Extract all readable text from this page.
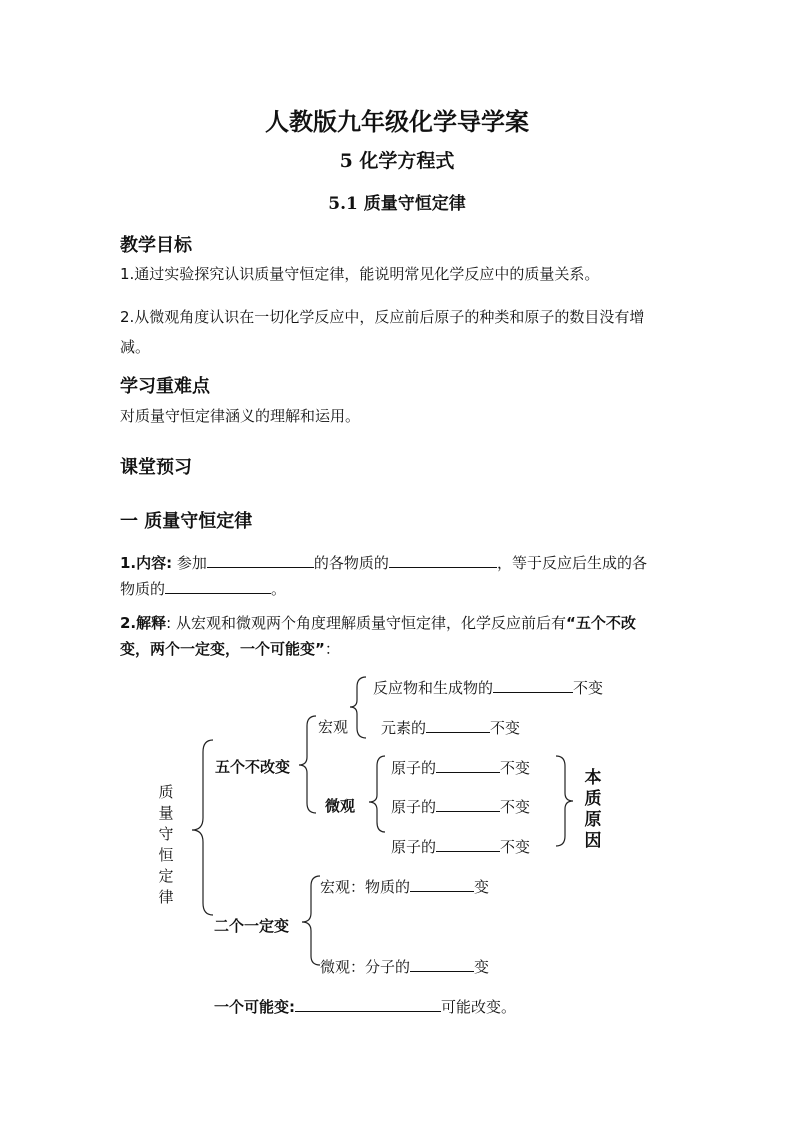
人教版九年级化学导学案
5 化学方程式
5.1 质量守恒定律
教学目标
1.通过实验探究认识质量守恒定律，能说明常见化学反应中的质量关系。
2.从微观角度认识在一切化学反应中，反应前后原子的种类和原子的数目没有增
减。
学习重难点
对质量守恒定律涵义的理解和运用。
课堂预习
一 质量守恒定律
1.内容: 参加	的各物质的	，等于反应后生成的各
物质的	。
2.解释: 从宏观和微观两个角度理解质量守恒定律，化学反应前后有“五个不改
变，两个一定变，一个可能变”：
质量守恒定律
五个不改变
宏观
微观
反应物和生成物的	不变
元素的	不变
原子的	不变
原子的	不变
原子的	不变
本质原因
二个一定变
宏观：物质的	变
微观：分子的	变
一个可能变:	可能改变。
